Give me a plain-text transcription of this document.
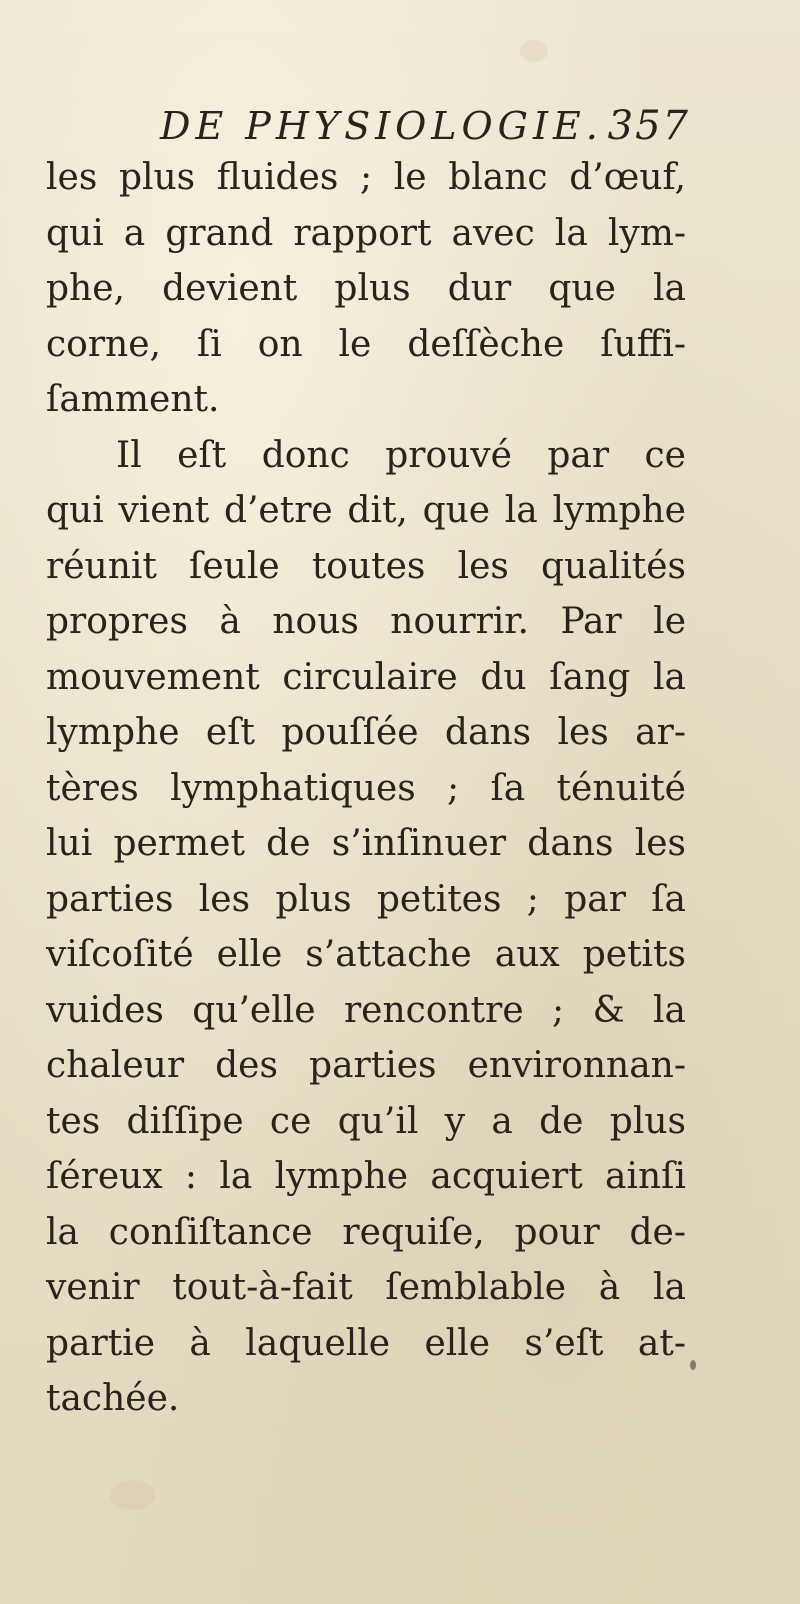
DE PHYSIOLOGIE. 357
les plus fluides ; le blanc d’œuf,
qui a grand rapport avec la lym-
phe, devient plus dur que la
corne, ſi on le deſſèche ſuffi-
ſamment.
Il eſt donc prouvé par ce
qui vient d’etre dit, que la lymphe
réunit ſeule toutes les qualités
propres à nous nourrir. Par le
mouvement circulaire du ſang la
lymphe eſt pouſſée dans les ar-
tères lymphatiques ; ſa ténuité
lui permet de s’inſinuer dans les
parties les plus petites ; par ſa
viſcoſité elle s’attache aux petits
vuides qu’elle rencontre ; & la
chaleur des parties environnan-
tes diſſipe ce qu’il y a de plus
ſéreux : la lymphe acquiert ainſi
la conſiſtance requiſe, pour de-
venir tout-à-fait ſemblable à la
partie à laquelle elle s’eſt at-
tachée.
